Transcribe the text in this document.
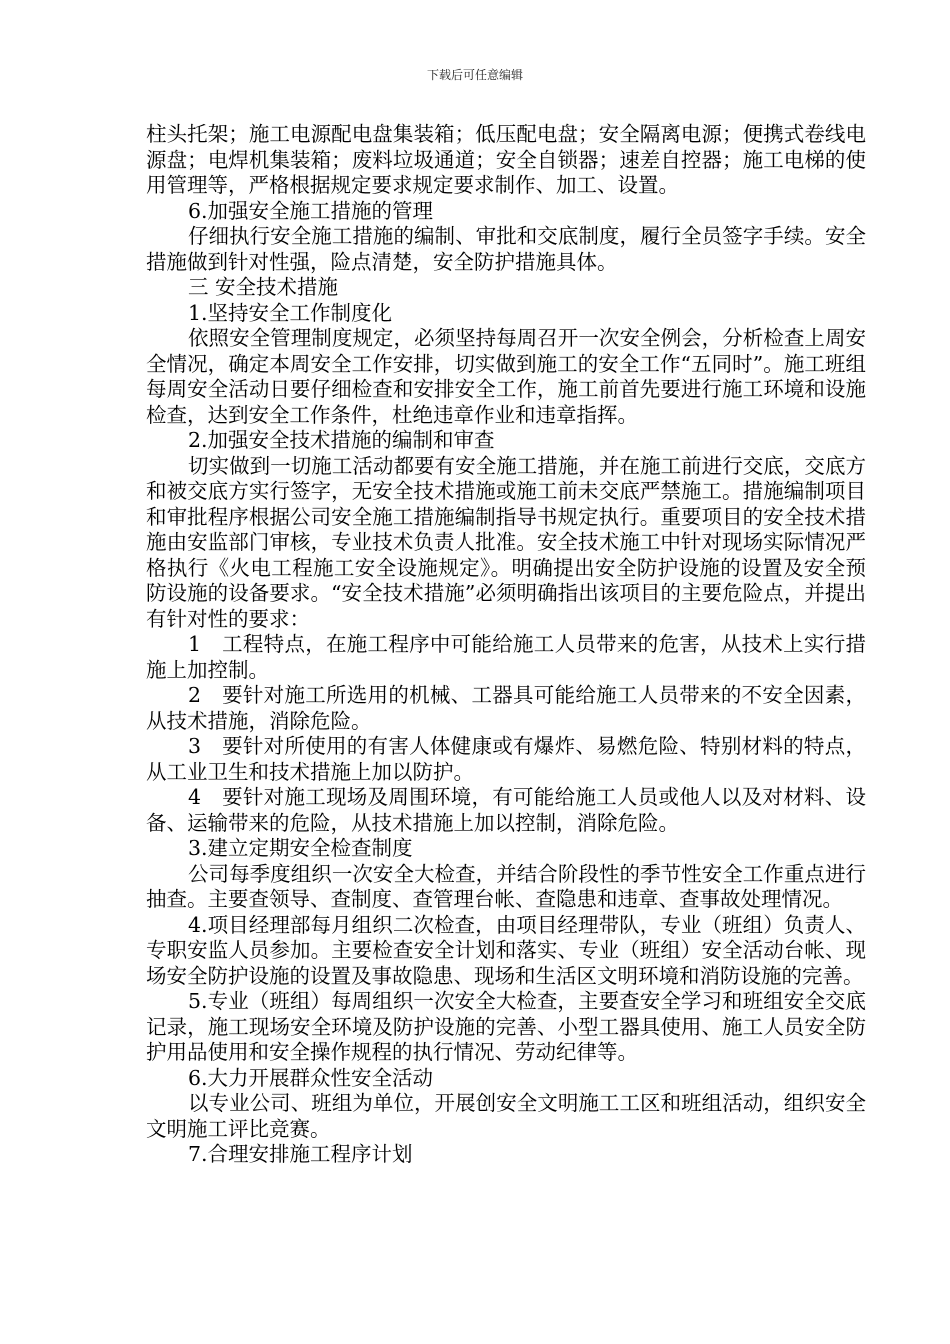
下载后可任意编辑

柱头托架；施工电源配电盘集装箱；低压配电盘；安全隔离电源；便携式卷线电源盘；电焊机集装箱；废料垃圾通道；安全自锁器；速差自控器；施工电梯的使用管理等，严格根据规定要求规定要求制作、加工、设置。

6.加强安全施工措施的管理

仔细执行安全施工措施的编制、审批和交底制度，履行全员签字手续。安全措施做到针对性强，险点清楚，安全防护措施具体。

三 安全技术措施

1.坚持安全工作制度化

依照安全管理制度规定，必须坚持每周召开一次安全例会，分析检查上周安全情况，确定本周安全工作安排，切实做到施工的安全工作“五同时”。施工班组每周安全活动日要仔细检查和安排安全工作，施工前首先要进行施工环境和设施检查，达到安全工作条件，杜绝违章作业和违章指挥。

2.加强安全技术措施的编制和审查

切实做到一切施工活动都要有安全施工措施，并在施工前进行交底，交底方和被交底方实行签字，无安全技术措施或施工前未交底严禁施工。措施编制项目和审批程序根据公司安全施工措施编制指导书规定执行。重要项目的安全技术措施由安监部门审核，专业技术负责人批准。安全技术施工中针对现场实际情况严格执行《火电工程施工安全设施规定》。明确提出安全防护设施的设置及安全预防设施的设备要求。“安全技术措施”必须明确指出该项目的主要危险点，并提出有针对性的要求：

1　工程特点，在施工程序中可能给施工人员带来的危害，从技术上实行措施上加控制。

2　要针对施工所选用的机械、工器具可能给施工人员带来的不安全因素，从技术措施，消除危险。

3　要针对所使用的有害人体健康或有爆炸、易燃危险、特别材料的特点，从工业卫生和技术措施上加以防护。

4　要针对施工现场及周围环境，有可能给施工人员或他人以及对材料、设备、运输带来的危险，从技术措施上加以控制，消除危险。

3.建立定期安全检查制度

公司每季度组织一次安全大检查，并结合阶段性的季节性安全工作重点进行抽查。主要查领导、查制度、查管理台帐、查隐患和违章、查事故处理情况。

4.项目经理部每月组织二次检查，由项目经理带队，专业（班组）负责人、专职安监人员参加。主要检查安全计划和落实、专业（班组）安全活动台帐、现场安全防护设施的设置及事故隐患、现场和生活区文明环境和消防设施的完善。

5.专业（班组）每周组织一次安全大检查，主要查安全学习和班组安全交底记录，施工现场安全环境及防护设施的完善、小型工器具使用、施工人员安全防护用品使用和安全操作规程的执行情况、劳动纪律等。

6.大力开展群众性安全活动

以专业公司、班组为单位，开展创安全文明施工工区和班组活动，组织安全文明施工评比竞赛。

7.合理安排施工程序计划
